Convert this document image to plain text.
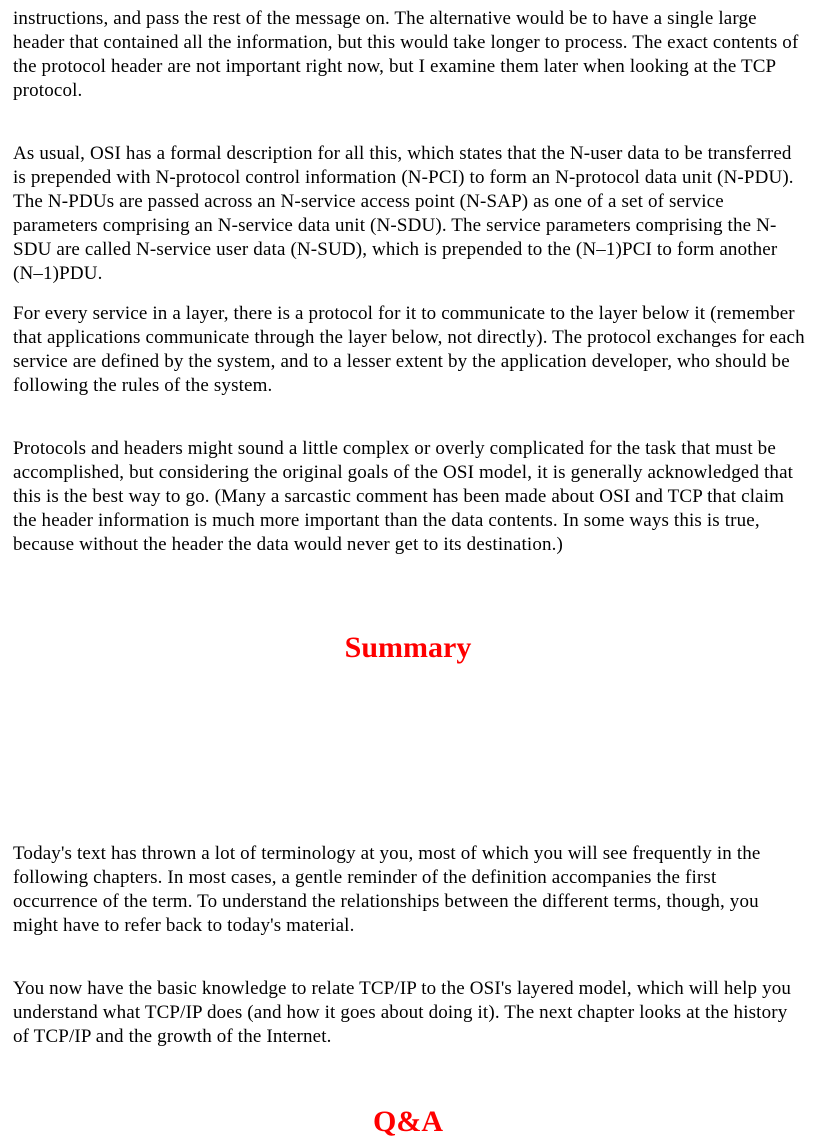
instructions, and pass the rest of the message on. The alternative would be to have a single large header that contained all the information, but this would take longer to process. The exact contents of the protocol header are not important right now, but I examine them later when looking at the TCP protocol.

As usual, OSI has a formal description for all this, which states that the N-user data to be transferred is prepended with N-protocol control information (N-PCI) to form an N-protocol data unit (N-PDU). The N-PDUs are passed across an N-service access point (N-SAP) as one of a set of service parameters comprising an N-service data unit (N-SDU). The service parameters comprising the N-SDU are called N-service user data (N-SUD), which is prepended to the (N–1)PCI to form another (N–1)PDU.

For every service in a layer, there is a protocol for it to communicate to the layer below it (remember that applications communicate through the layer below, not directly). The protocol exchanges for each service are defined by the system, and to a lesser extent by the application developer, who should be following the rules of the system.

Protocols and headers might sound a little complex or overly complicated for the task that must be accomplished, but considering the original goals of the OSI model, it is generally acknowledged that this is the best way to go. (Many a sarcastic comment has been made about OSI and TCP that claim the header information is much more important than the data contents. In some ways this is true, because without the header the data would never get to its destination.)

Summary

Today's text has thrown a lot of terminology at you, most of which you will see frequently in the following chapters. In most cases, a gentle reminder of the definition accompanies the first occurrence of the term. To understand the relationships between the different terms, though, you might have to refer back to today's material.

You now have the basic knowledge to relate TCP/IP to the OSI's layered model, which will help you understand what TCP/IP does (and how it goes about doing it). The next chapter looks at the history of TCP/IP and the growth of the Internet.

Q&A
